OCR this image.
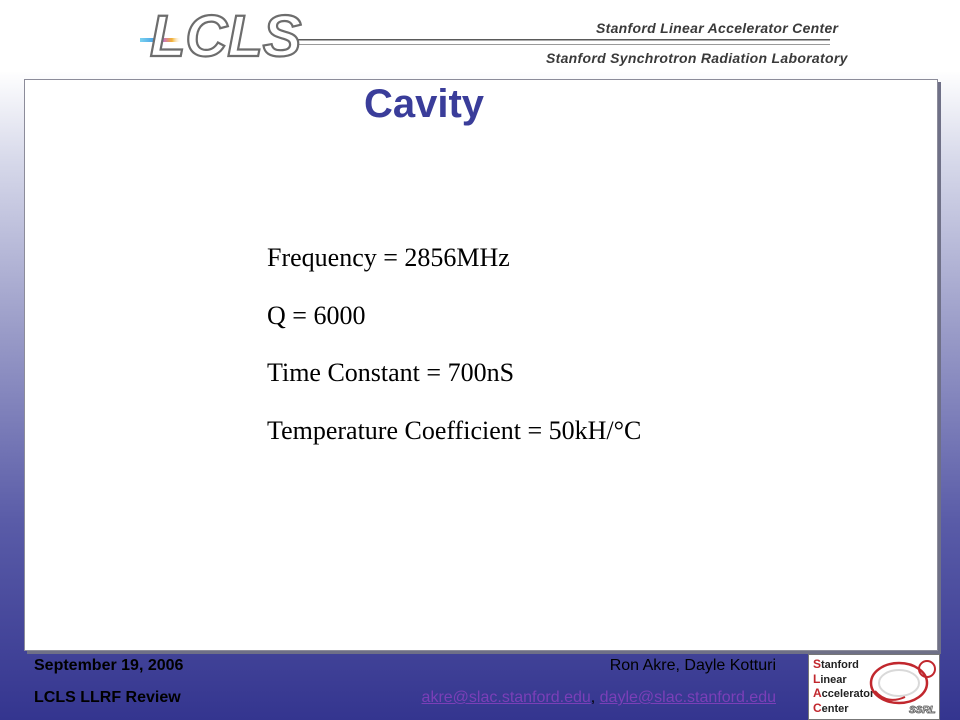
LCLS	Stanford Linear Accelerator Center
Stanford Synchrotron Radiation Laboratory
Cavity
Frequency = 2856MHz
Q = 6000
Time Constant = 700nS
Temperature Coefficient = 50kH/°C
September 19, 2006
LCLS LLRF Review
Ron Akre, Dayle Kotturi
akre@slac.stanford.edu, dayle@slac.stanford.edu
Stanford
Linear
Accelerator
Center	SSRL
